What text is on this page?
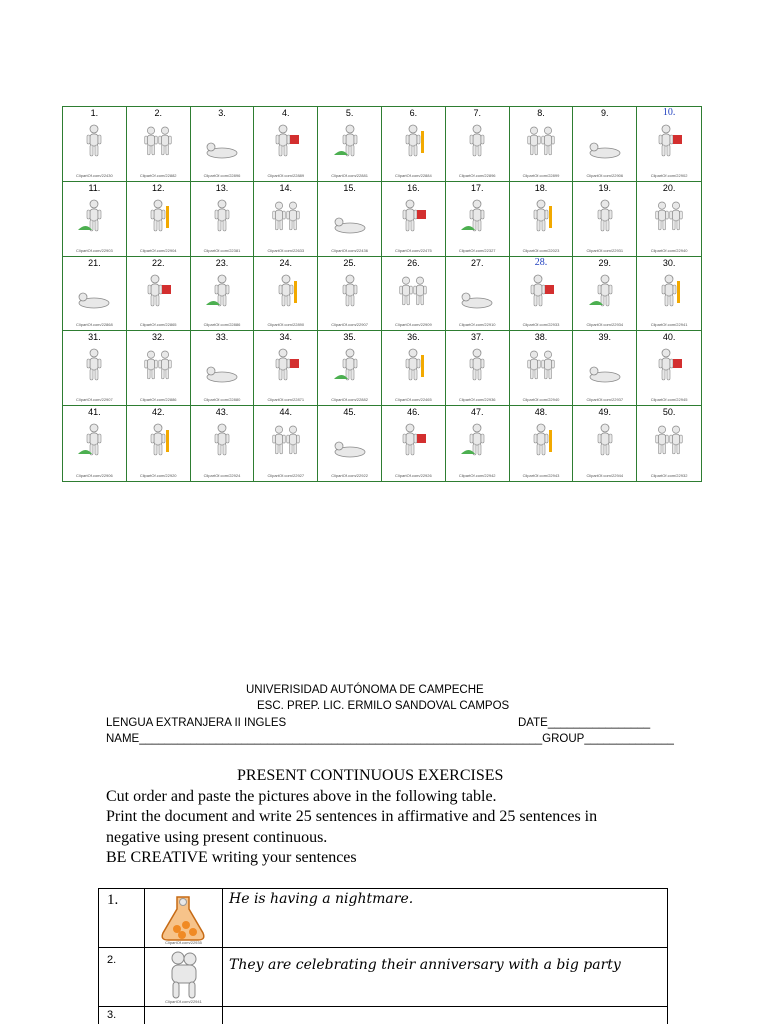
1.
ClipartOf.com/22430
2.
ClipartOf.com/22882
3.
ClipartOf.com/22896
4.
ClipartOf.com/22889
5.
ClipartOf.com/22881
6.
ClipartOf.com/22884
7.
ClipartOf.com/22896
8.
ClipartOf.com/22899
9.
ClipartOf.com/22906
10.
ClipartOf.com/22902
11.
ClipartOf.com/22903
12.
ClipartOf.com/22904
13.
ClipartOf.com/22381
14.
ClipartOf.com/22633
15.
ClipartOf.com/22436
16.
ClipartOf.com/22475
17.
ClipartOf.com/22327
18.
ClipartOf.com/22023
19.
ClipartOf.com/22931
20.
ClipartOf.com/22940
21.
ClipartOf.com/22868
22.
ClipartOf.com/22865
23.
ClipartOf.com/22886
24.
ClipartOf.com/22890
25.
ClipartOf.com/22907
26.
ClipartOf.com/22909
27.
ClipartOf.com/22910
28.
ClipartOf.com/22933
29.
ClipartOf.com/22934
30.
ClipartOf.com/22941
31.
ClipartOf.com/22907
32.
ClipartOf.com/22886
33.
ClipartOf.com/22880
34.
ClipartOf.com/22871
35.
ClipartOf.com/22882
36.
ClipartOf.com/22465
37.
ClipartOf.com/22936
38.
ClipartOf.com/22940
39.
ClipartOf.com/22937
40.
ClipartOf.com/22945
41.
ClipartOf.com/22906
42.
ClipartOf.com/22920
43.
ClipartOf.com/22924
44.
ClipartOf.com/22927
45.
ClipartOf.com/22922
46.
ClipartOf.com/22926
47.
ClipartOf.com/22942
48.
ClipartOf.com/22943
49.
ClipartOf.com/22944
50.
ClipartOf.com/22932
UNIVERISIDAD AUTÓNOMA DE CAMPECHE
ESC. PREP. LIC. ERMILO SANDOVAL CAMPOS
LENGUA EXTRANJERA II INGLES	DATE________________
NAME_______________________________________________________________GROUP______________
PRESENT CONTINUOUS EXERCISES
Cut order and paste the pictures above in the following table.
Print the document and write 25 sentences in affirmative and 25 sentences in
negative using present continuous.
BE CREATIVE writing your sentences
1.
ClipartOf.com/22935
He is having a nightmare.
2.
ClipartOf.com/22941
They are celebrating their anniversary with a big party
3.
